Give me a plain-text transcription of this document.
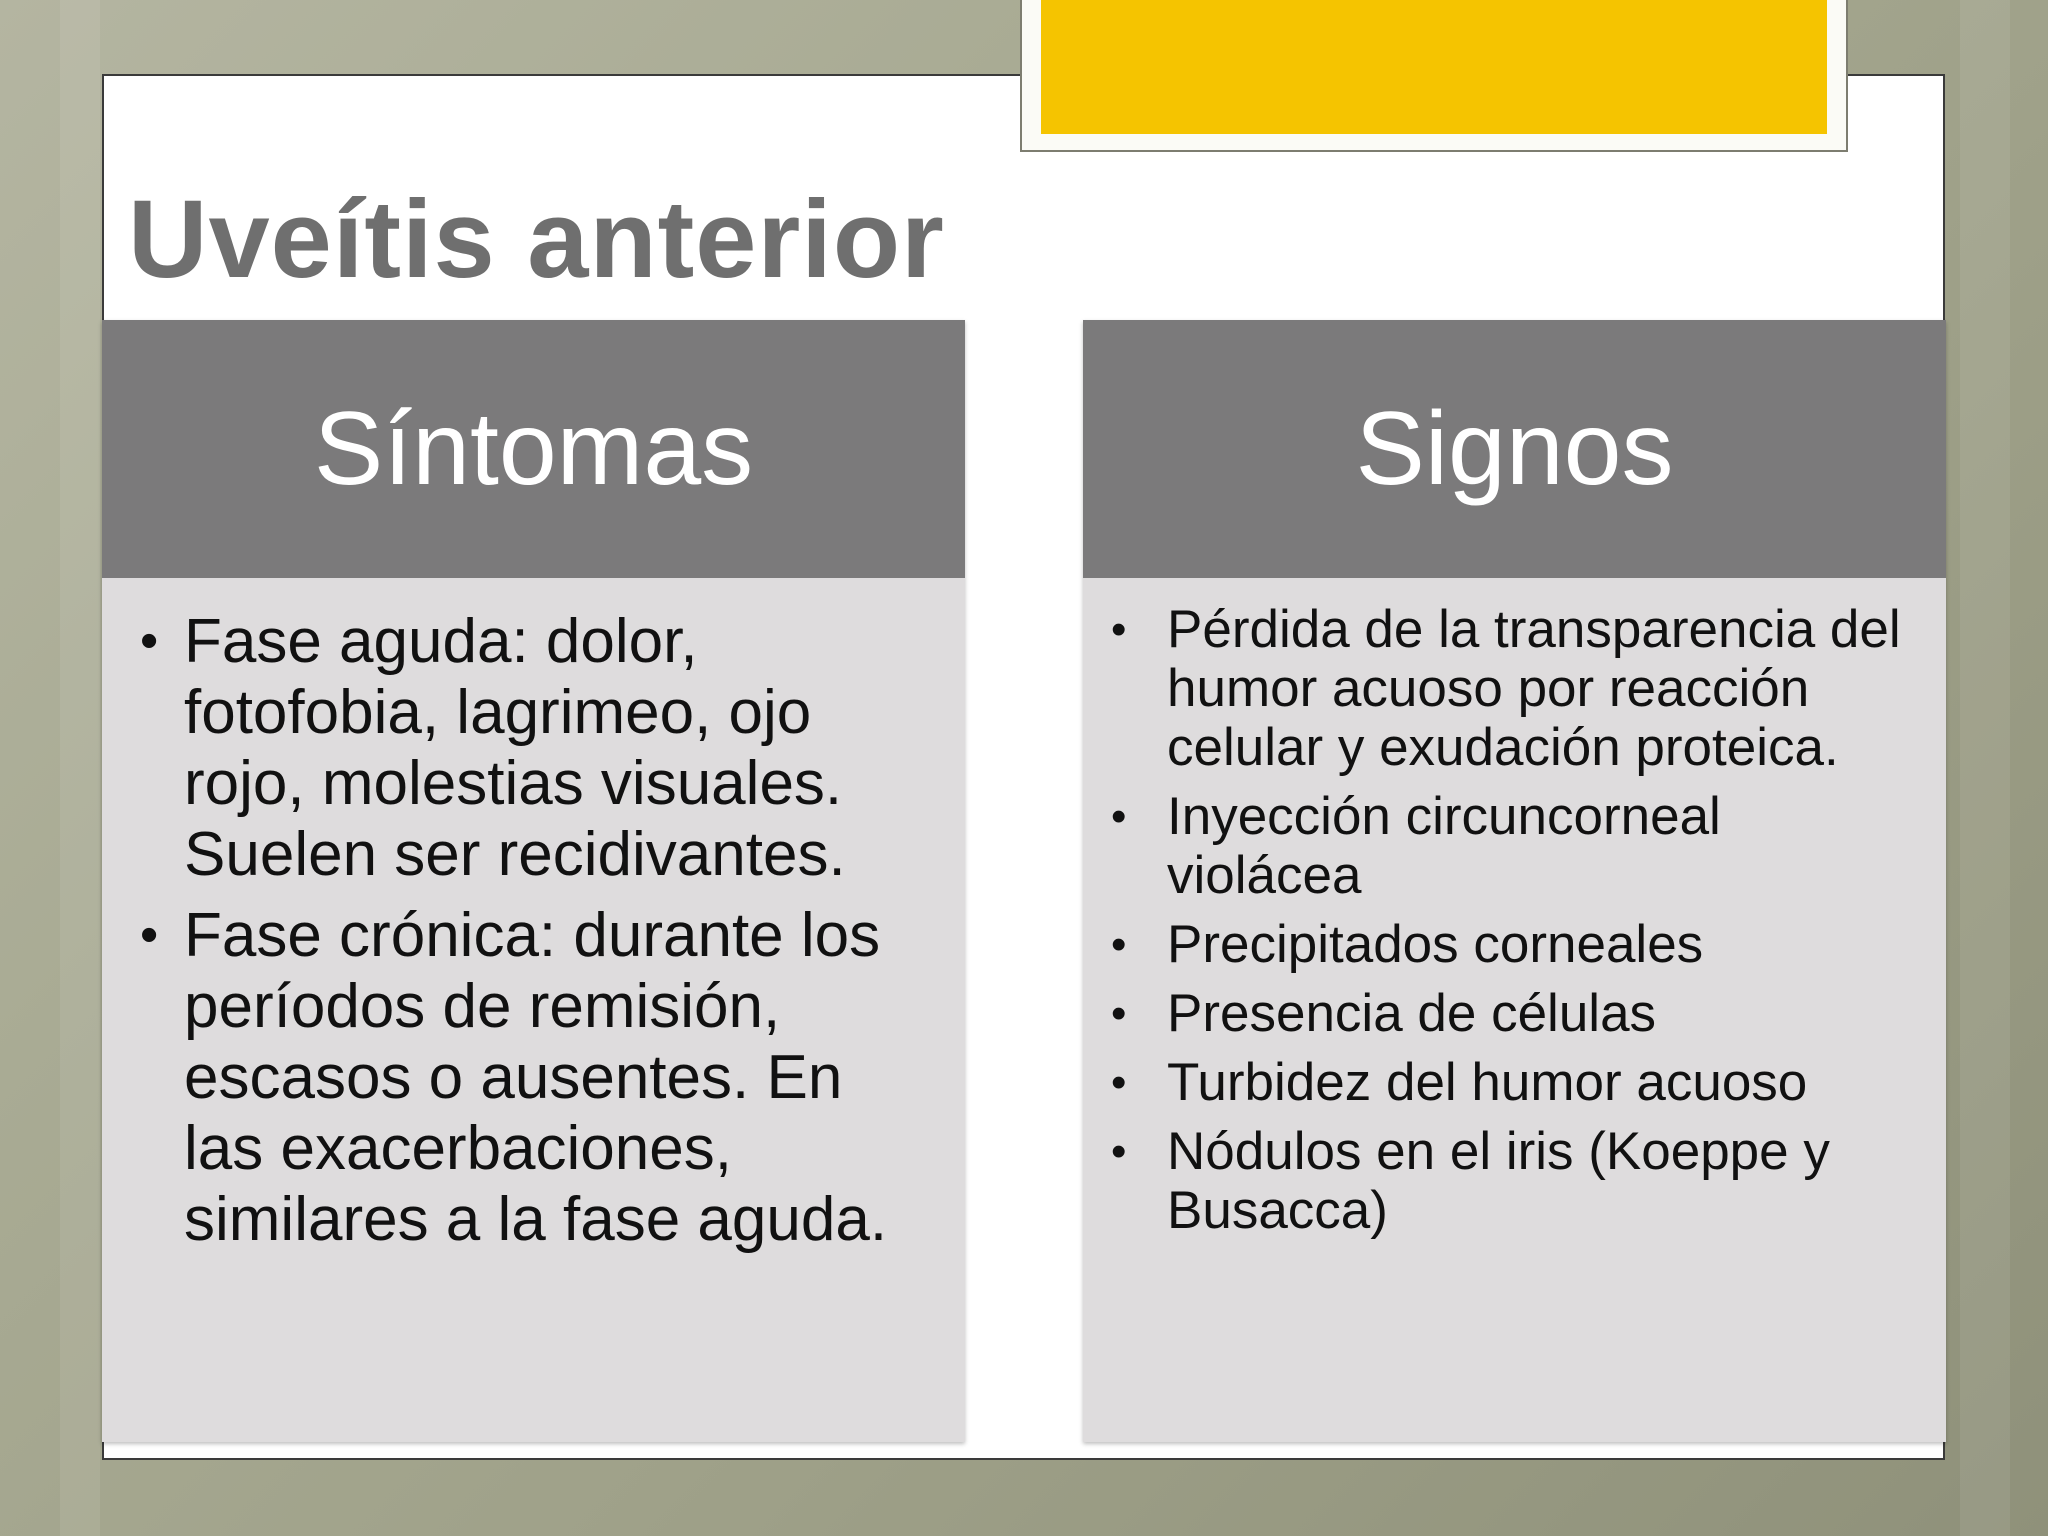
Uveítis anterior
Síntomas
• Fase aguda: dolor, fotofobia, lagrimeo, ojo rojo, molestias visuales. Suelen ser recidivantes.
• Fase crónica: durante los períodos de remisión, escasos o ausentes. En las exacerbaciones, similares a la fase aguda.
Signos
• Pérdida de la transparencia del humor acuoso por reacción celular y exudación proteica.
• Inyección circuncorneal violácea
• Precipitados corneales
• Presencia de células
• Turbidez del humor acuoso
• Nódulos en el iris (Koeppe y Busacca)
